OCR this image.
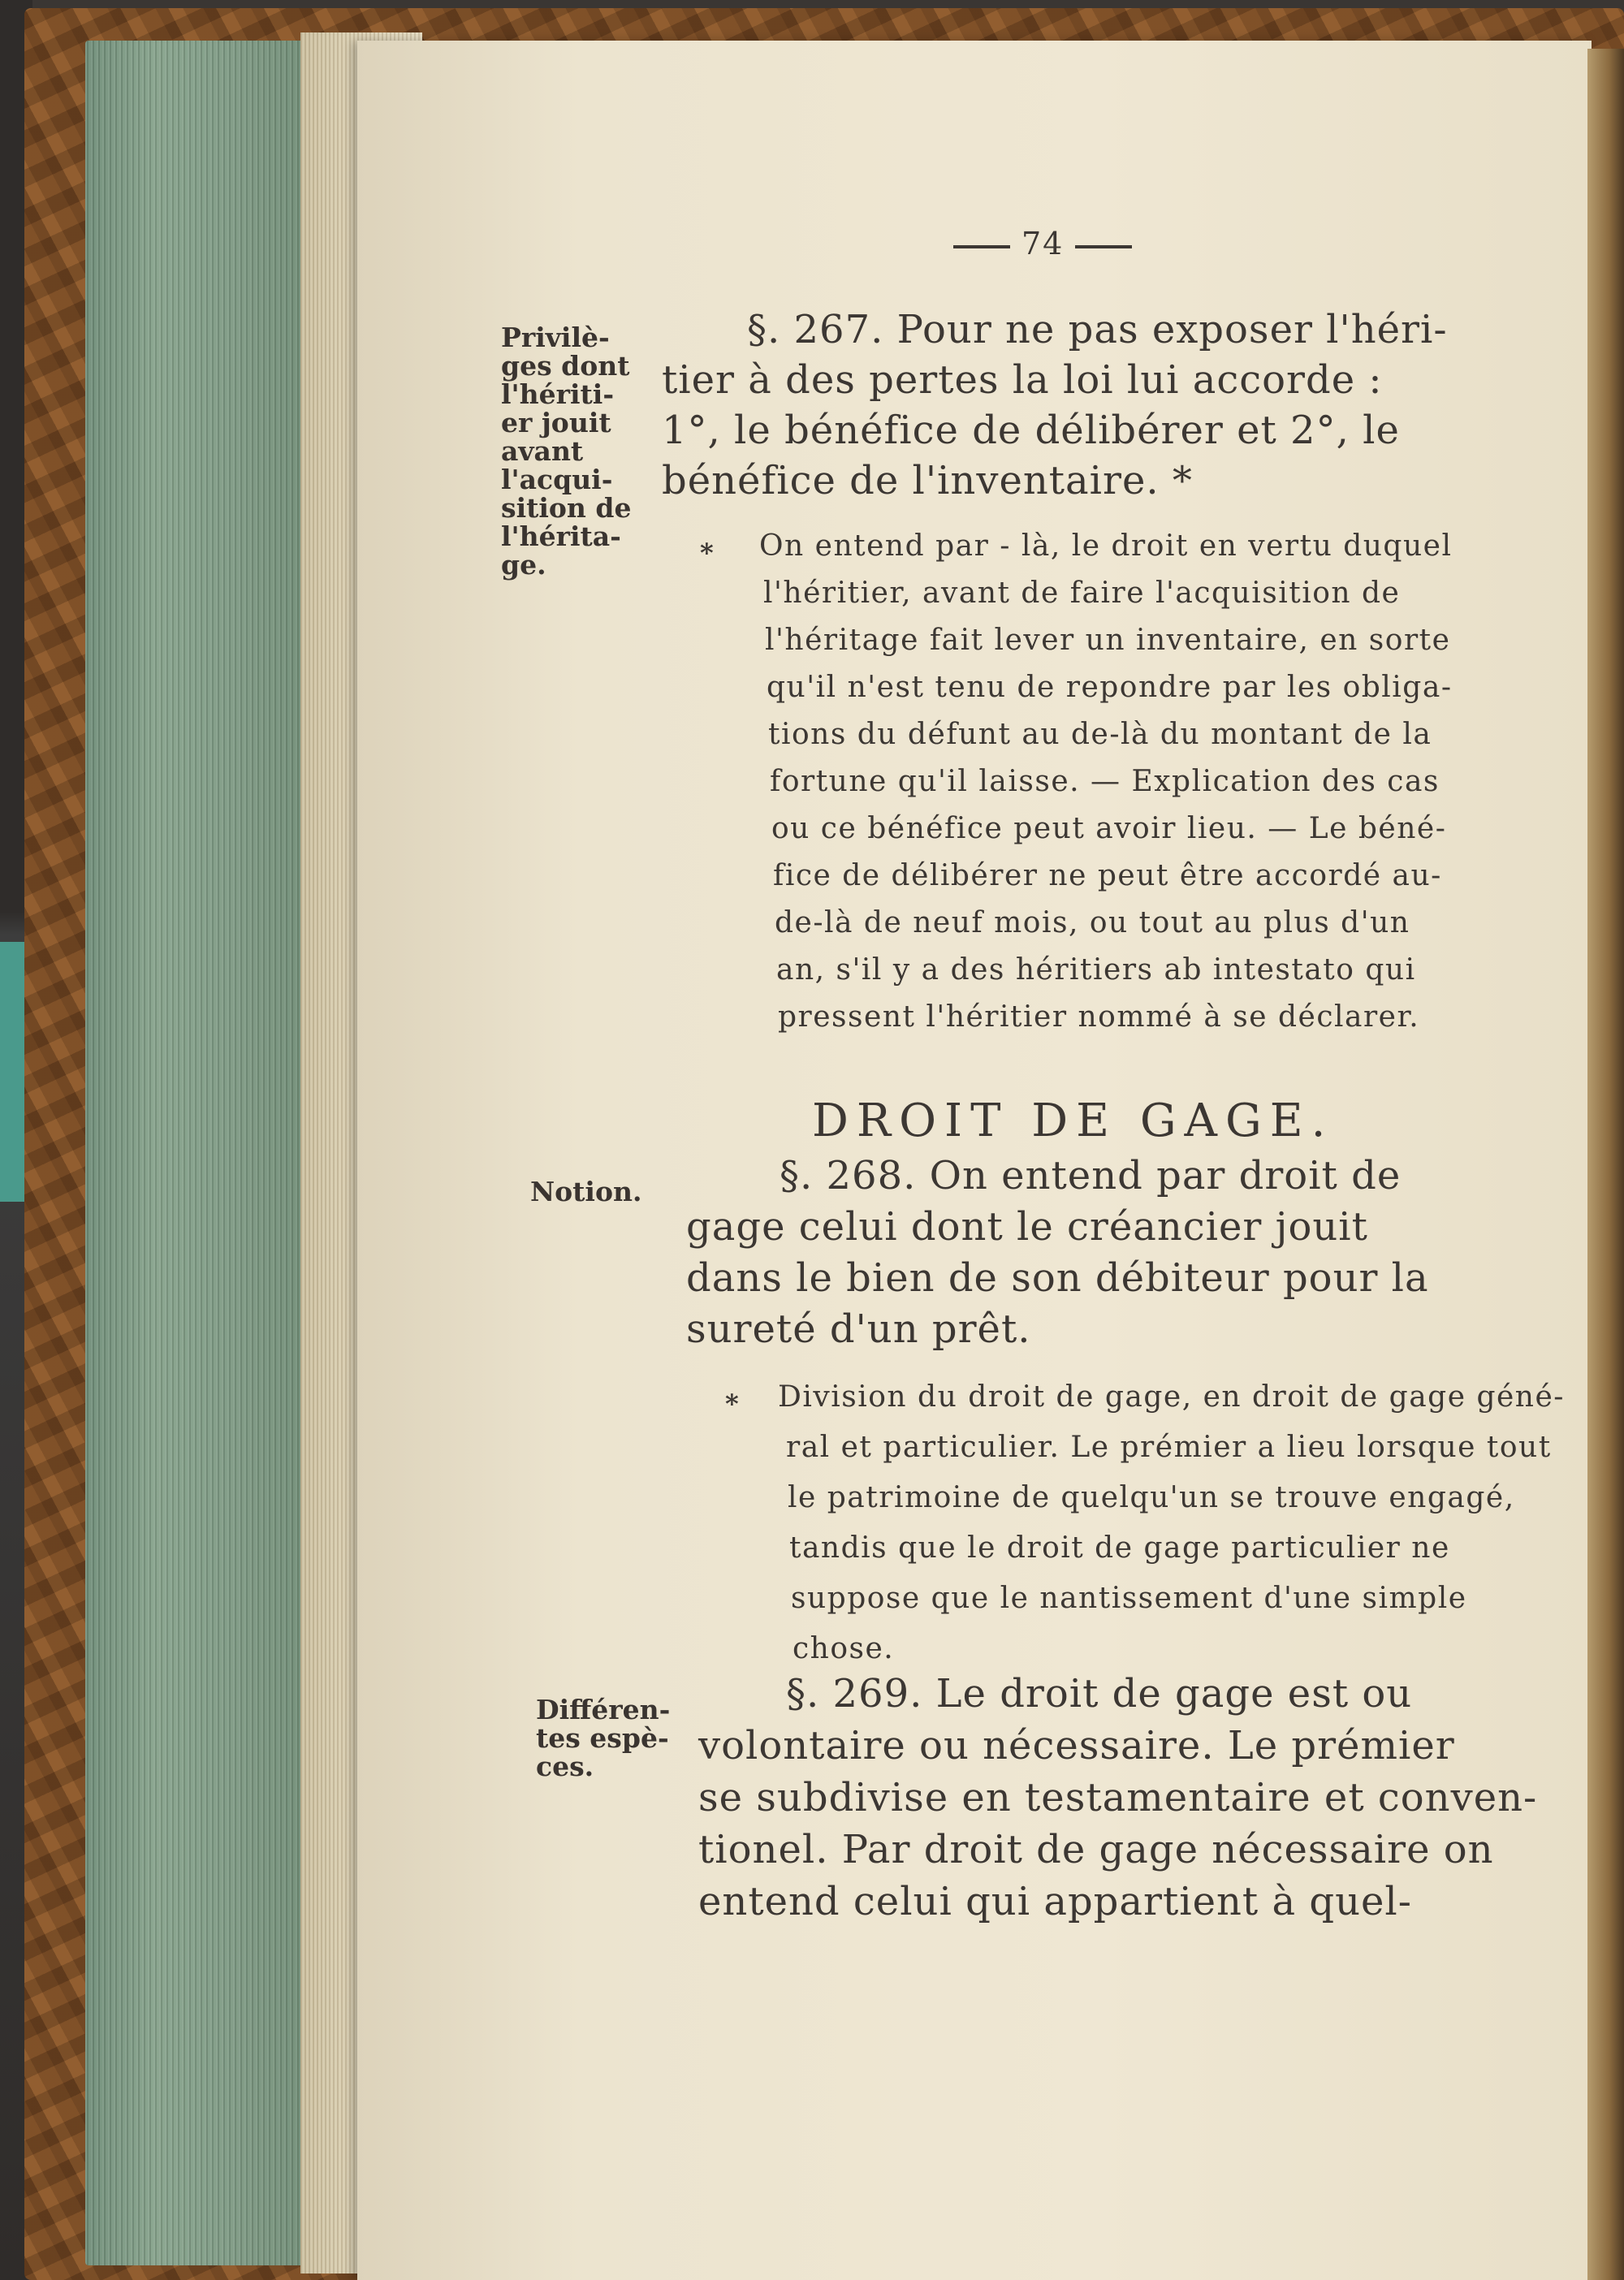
74
Privilè-
ges dont
l'hériti-
er jouit
avant
l'acqui-
sition de
l'hérita-
ge.
Notion.
Différen-
tes espè-
ces.
§. 267. Pour ne pas exposer l'héri-
tier à des pertes la loi lui accorde :
1°, le bénéfice de délibérer et 2°, le
bénéfice de l'inventaire. *
* On entend par - là, le droit en vertu duquel
l'héritier, avant de faire l'acquisition de
l'héritage fait lever un inventaire, en sorte
qu'il n'est tenu de repondre par les obliga-
tions du défunt au de-là du montant de la
fortune qu'il laisse. — Explication des cas
ou ce bénéfice peut avoir lieu. — Le béné-
fice de délibérer ne peut être accordé au-
de-là de neuf mois, ou tout au plus d'un
an, s'il y a des héritiers ab intestato qui
pressent l'héritier nommé à se déclarer.
DROIT DE GAGE.
§. 268. On entend par droit de
gage celui dont le créancier jouit
dans le bien de son débiteur pour la
sureté d'un prêt.
* Division du droit de gage, en droit de gage géné-
ral et particulier. Le prémier a lieu lorsque tout
le patrimoine de quelqu'un se trouve engagé,
tandis que le droit de gage particulier ne
suppose que le nantissement d'une simple
chose.
§. 269. Le droit de gage est ou
volontaire ou nécessaire. Le prémier
se subdivise en testamentaire et conven-
tionel. Par droit de gage nécessaire on
entend celui qui appartient à quel-
